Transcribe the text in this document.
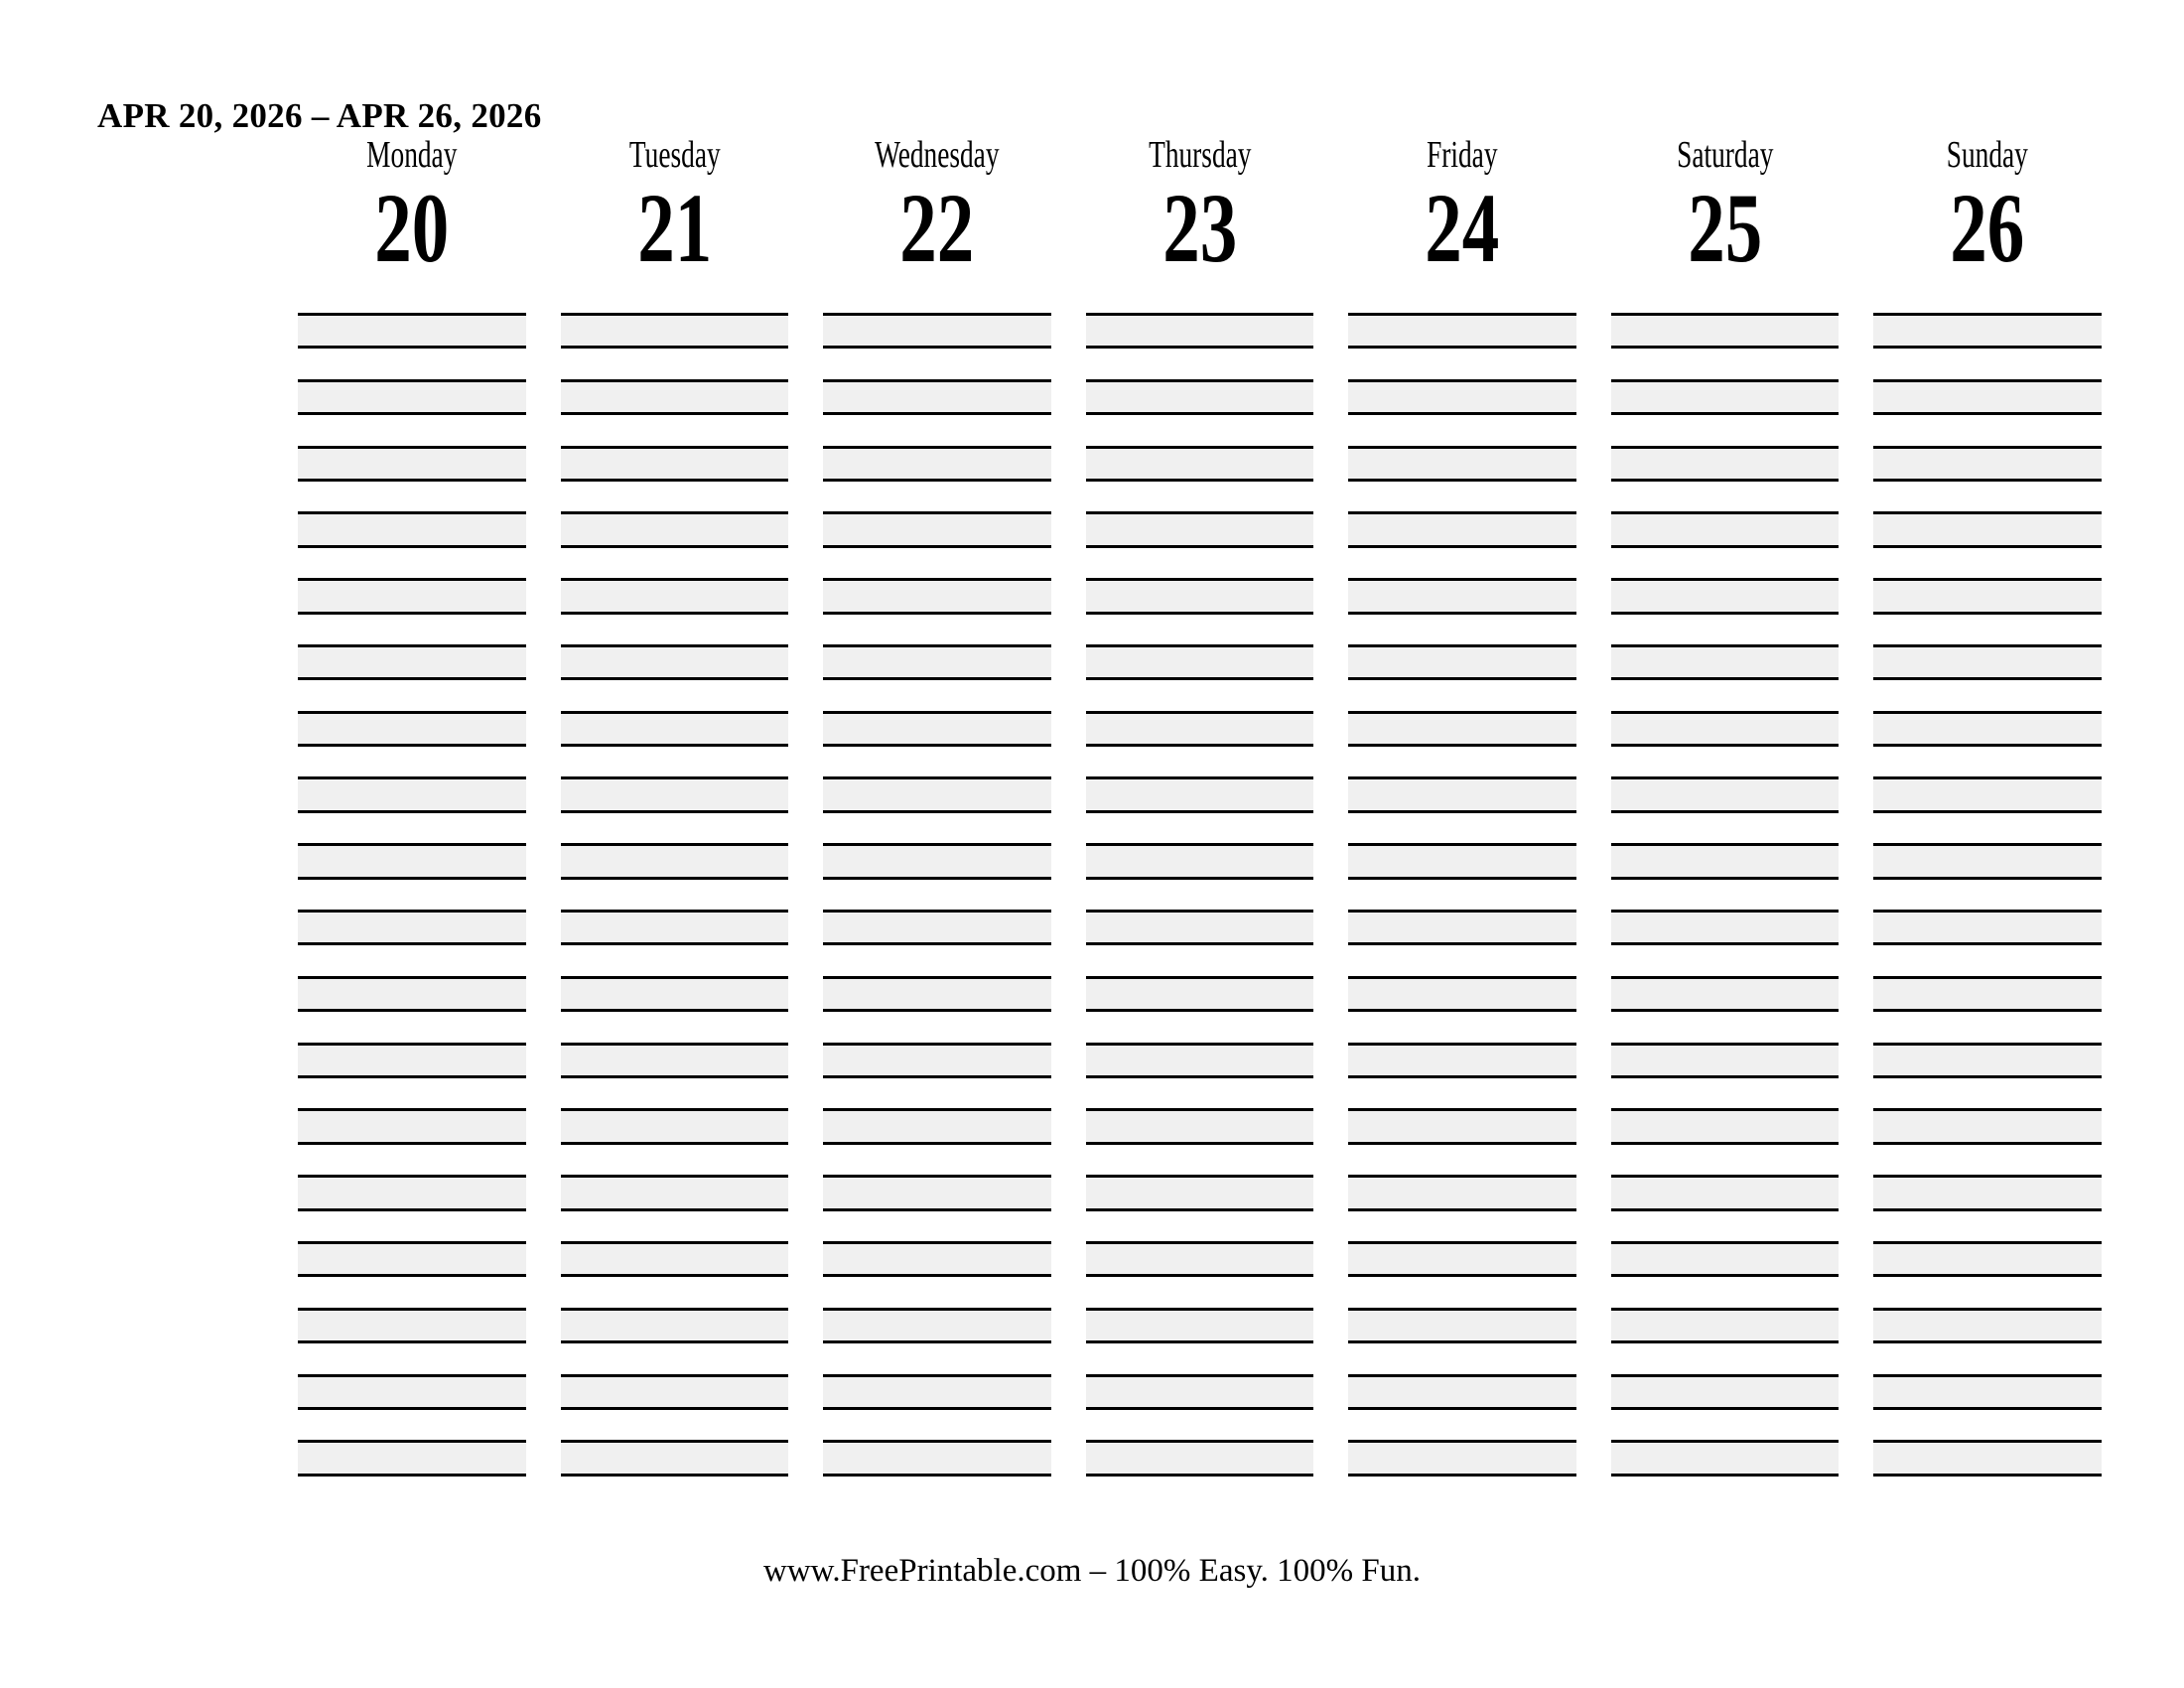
APR 20, 2026 – APR 26, 2026
Monday
20
Tuesday
21
Wednesday
22
Thursday
23
Friday
24
Saturday
25
Sunday
26
www.FreePrintable.com – 100% Easy. 100% Fun.
